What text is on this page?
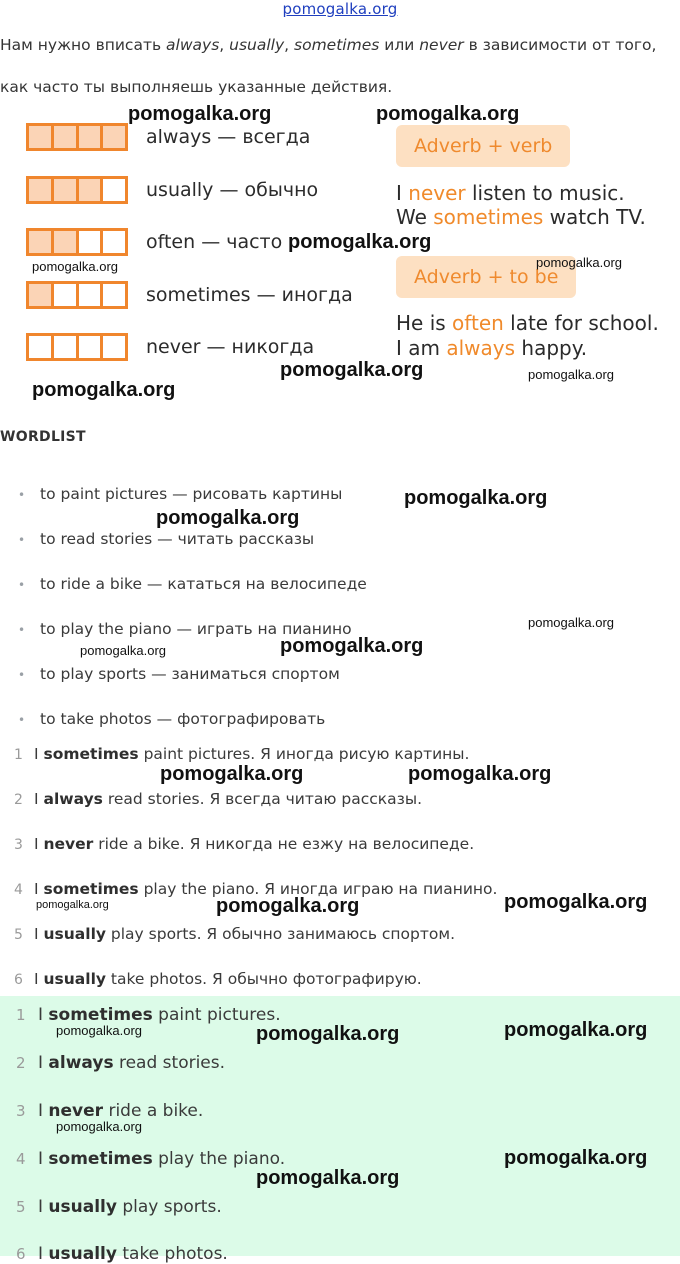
pomogalka.org

Нам нужно вписать always, usually, sometimes или never в зависимости от того,

как часто ты выполняешь указанные действия.

always — всегда
usually — обычно
often — часто
sometimes — иногда
never — никогда
Adverb + verb
I never listen to music.
We sometimes watch TV.
Adverb + to be
He is often late for school.
I am always happy.
WORDLIST
• to paint pictures — рисовать картины
• to read stories — читать рассказы
• to ride a bike — кататься на велосипеде
• to play the piano — играть на пианино
• to play sports — заниматься спортом
• to take photos — фотографировать
1 I sometimes paint pictures. Я иногда рисую картины.
2 I always read stories. Я всегда читаю рассказы.
3 I never ride a bike. Я никогда не езжу на велосипеде.
4 I sometimes play the piano. Я иногда играю на пианино.
5 I usually play sports. Я обычно занимаюсь спортом.
6 I usually take photos. Я обычно фотографирую.
1 I sometimes paint pictures.
2 I always read stories.
3 I never ride a bike.
4 I sometimes play the piano.
5 I usually play sports.
6 I usually take photos.
pomogalka.org	pomogalka.org
pomogalka.org
pomogalka.org	pomogalka.org
pomogalka.org	pomogalka.org
pomogalka.org
pomogalka.org
pomogalka.org
pomogalka.org
pomogalka.org
pomogalka.org
pomogalka.org	pomogalka.org
pomogalka.org
pomogalka.org	pomogalka.org
pomogalka.org	pomogalka.org	pomogalka.org
pomogalka.org
pomogalka.org
pomogalka.org
